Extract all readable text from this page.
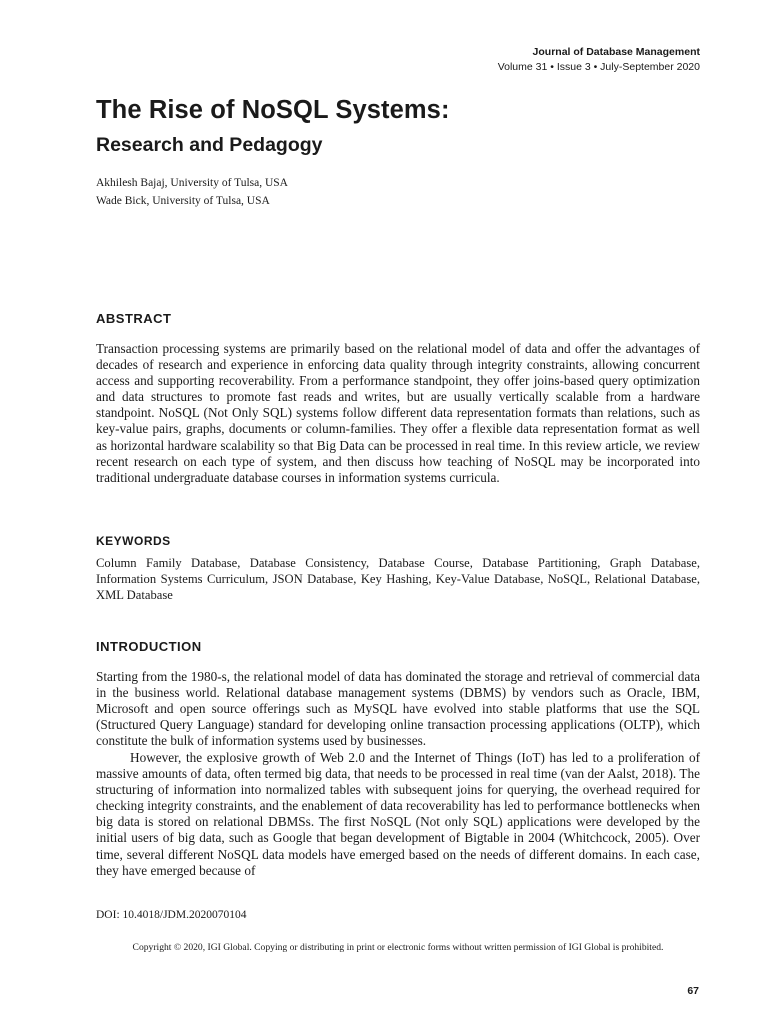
Journal of Database Management
Volume 31 • Issue 3 • July-September 2020
The Rise of NoSQL Systems:
Research and Pedagogy
Akhilesh Bajaj, University of Tulsa, USA
Wade Bick, University of Tulsa, USA
ABSTRACT

Transaction processing systems are primarily based on the relational model of data and offer the advantages of decades of research and experience in enforcing data quality through integrity constraints, allowing concurrent access and supporting recoverability. From a performance standpoint, they offer joins-based query optimization and data structures to promote fast reads and writes, but are usually vertically scalable from a hardware standpoint. NoSQL (Not Only SQL) systems follow different data representation formats than relations, such as key-value pairs, graphs, documents or column-families. They offer a flexible data representation format as well as horizontal hardware scalability so that Big Data can be processed in real time. In this review article, we review recent research on each type of system, and then discuss how teaching of NoSQL may be incorporated into traditional undergraduate database courses in information systems curricula.

KEYWORDS

Column Family Database, Database Consistency, Database Course, Database Partitioning, Graph Database, Information Systems Curriculum, JSON Database, Key Hashing, Key-Value Database, NoSQL, Relational Database, XML Database

INTRODUCTION

Starting from the 1980-s, the relational model of data has dominated the storage and retrieval of commercial data in the business world. Relational database management systems (DBMS) by vendors such as Oracle, IBM, Microsoft and open source offerings such as MySQL have evolved into stable platforms that use the SQL (Structured Query Language) standard for developing online transaction processing applications (OLTP), which constitute the bulk of information systems used by businesses.

However, the explosive growth of Web 2.0 and the Internet of Things (IoT) has led to a proliferation of massive amounts of data, often termed big data, that needs to be processed in real time (van der Aalst, 2018). The structuring of information into normalized tables with subsequent joins for querying, the overhead required for checking integrity constraints, and the enablement of data recoverability has led to performance bottlenecks when big data is stored on relational DBMSs. The first NoSQL (Not only SQL) applications were developed by the initial users of big data, such as Google that began development of Bigtable in 2004 (Whitchcock, 2005). Over time, several different NoSQL data models have emerged based on the needs of different domains. In each case, they have emerged because of

DOI: 10.4018/JDM.2020070104
Copyright © 2020, IGI Global. Copying or distributing in print or electronic forms without written permission of IGI Global is prohibited.
67
